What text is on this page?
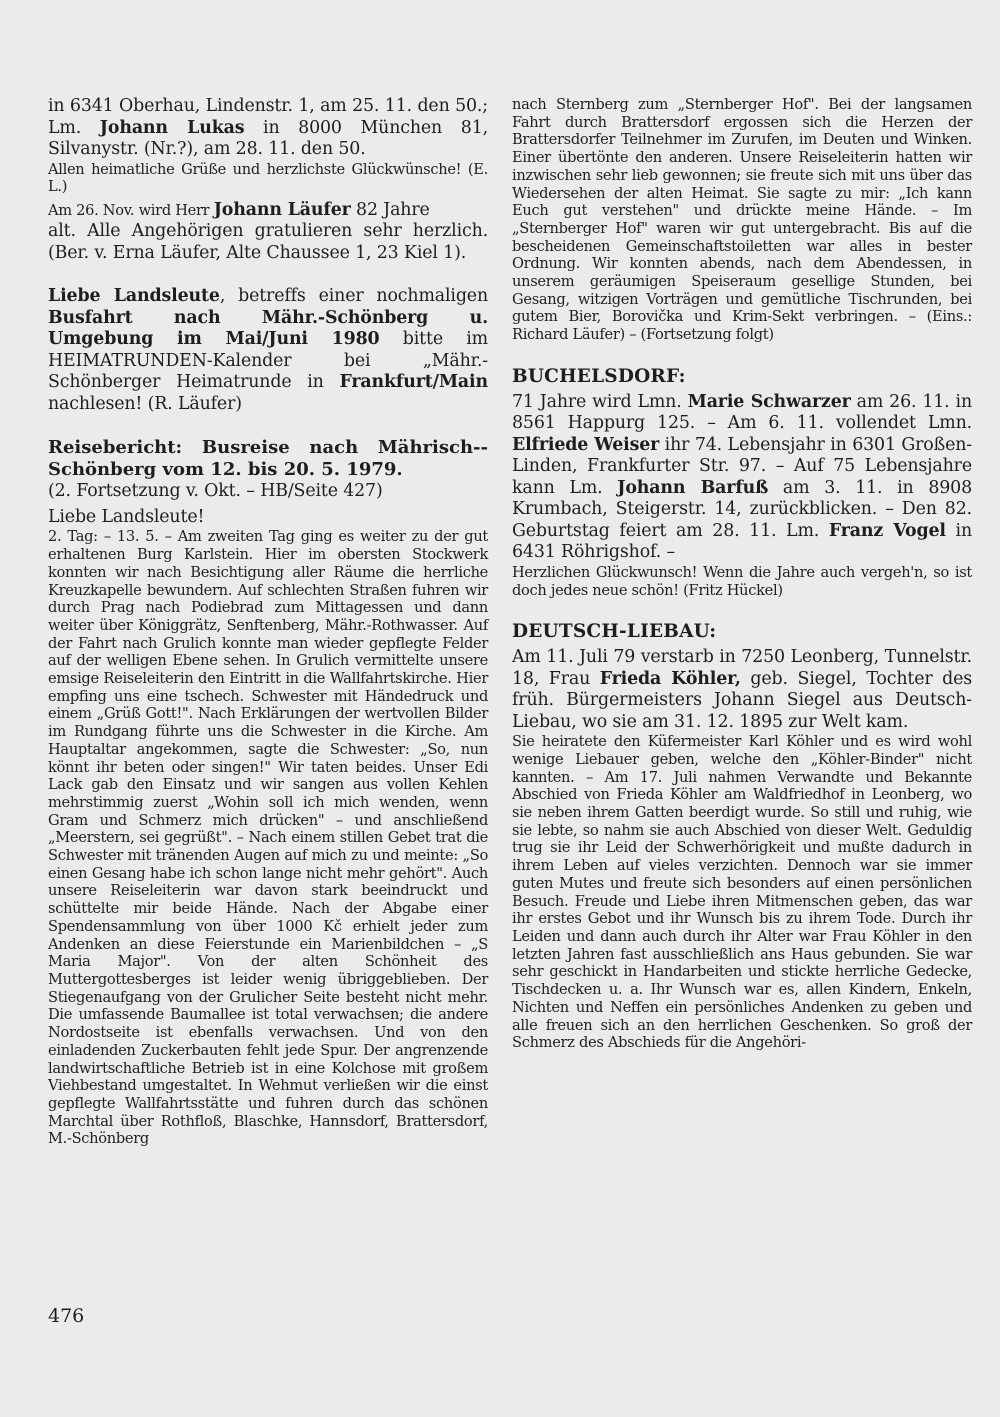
in 6341 Oberhau, Lindenstr. 1, am 25. 11. den 50.; Lm. Johann Lukas in 8000 München 81, Silvanystr. (Nr.?), am 28. 11. den 50.

Allen heimatliche Grüße und herzlichste Glückwünsche! (E. L.)

Am 26. Nov. wird Herr Johann Läufer 82 Jahre

alt. Alle Angehörigen gratulieren sehr herzlich. (Ber. v. Erna Läufer, Alte Chaussee 1, 23 Kiel 1).

Liebe Landsleute, betreffs einer nochmaligen Busfahrt nach Mähr.-Schönberg u. Umgebung im Mai/Juni 1980 bitte im HEIMATRUNDEN-Kalender bei „Mähr.-Schönberger Heimatrunde in Frankfurt/Main nachlesen! (R. Läufer)

Reisebericht: Busreise nach Mährisch--Schönberg vom 12. bis 20. 5. 1979.

(2. Fortsetzung v. Okt. – HB/Seite 427)

Liebe Landsleute!

2. Tag: – 13. 5. – Am zweiten Tag ging es weiter zu der gut erhaltenen Burg Karlstein. Hier im obersten Stockwerk konnten wir nach Besichtigung aller Räume die herrliche Kreuzkapelle bewundern. Auf schlechten Straßen fuhren wir durch Prag nach Podiebrad zum Mittagessen und dann weiter über Königgrätz, Senftenberg, Mähr.-Rothwasser. Auf der Fahrt nach Grulich konnte man wieder gepflegte Felder auf der welligen Ebene sehen. In Grulich vermittelte unsere emsige Reiseleiterin den Eintritt in die Wallfahrtskirche. Hier empfing uns eine tschech. Schwester mit Händedruck und einem „Grüß Gott!". Nach Erklärungen der wertvollen Bilder im Rundgang führte uns die Schwester in die Kirche. Am Hauptaltar angekommen, sagte die Schwester: „So, nun könnt ihr beten oder singen!" Wir taten beides. Unser Edi Lack gab den Einsatz und wir sangen aus vollen Kehlen mehrstimmig zuerst „Wohin soll ich mich wenden, wenn Gram und Schmerz mich drücken" – und anschließend „Meerstern, sei gegrüßt". – Nach einem stillen Gebet trat die Schwester mit tränenden Augen auf mich zu und meinte: „So einen Gesang habe ich schon lange nicht mehr gehört". Auch unsere Reiseleiterin war davon stark beeindruckt und schüttelte mir beide Hände. Nach der Abgabe einer Spendensammlung von über 1000 Kč erhielt jeder zum Andenken an diese Feierstunde ein Marienbildchen – „S Maria Major". Von der alten Schönheit des Muttergottesberges ist leider wenig übriggeblieben. Der Stiegenaufgang von der Grulicher Seite besteht nicht mehr. Die umfassende Baumallee ist total verwachsen; die andere Nordostseite ist ebenfalls verwachsen. Und von den einladenden Zuckerbauten fehlt jede Spur. Der angrenzende landwirtschaftliche Betrieb ist in eine Kolchose mit großem Viehbestand umgestaltet. In Wehmut verließen wir die einst gepflegte Wallfahrtsstätte und fuhren durch das schönen Marchtal über Rothfloß, Blaschke, Hannsdorf, Brattersdorf, M.-Schönberg

nach Sternberg zum „Sternberger Hof". Bei der langsamen Fahrt durch Brattersdorf ergossen sich die Herzen der Brattersdorfer Teilnehmer im Zurufen, im Deuten und Winken. Einer übertönte den anderen. Unsere Reiseleiterin hatten wir inzwischen sehr lieb gewonnen; sie freute sich mit uns über das Wiedersehen der alten Heimat. Sie sagte zu mir: „Ich kann Euch gut verstehen" und drückte meine Hände. – Im „Sternberger Hof" waren wir gut untergebracht. Bis auf die bescheidenen Gemeinschaftstoiletten war alles in bester Ordnung. Wir konnten abends, nach dem Abendessen, in unserem geräumigen Speiseraum gesellige Stunden, bei Gesang, witzigen Vorträgen und gemütliche Tischrunden, bei gutem Bier, Borovička und Krim-Sekt verbringen. – (Eins.: Richard Läufer) – (Fortsetzung folgt)

BUCHELSDORF:

71 Jahre wird Lmn. Marie Schwarzer am 26. 11. in 8561 Happurg 125. – Am 6. 11. vollendet Lmn. Elfriede Weiser ihr 74. Lebensjahr in 6301 Großen-Linden, Frankfurter Str. 97. – Auf 75 Lebensjahre kann Lm. Johann Barfuß am 3. 11. in 8908 Krumbach, Steigerstr. 14, zurückblicken. – Den 82. Geburtstag feiert am 28. 11. Lm. Franz Vogel in 6431 Röhrigshof. –

Herzlichen Glückwunsch! Wenn die Jahre auch vergeh'n, so ist doch jedes neue schön! (Fritz Hückel)

DEUTSCH-LIEBAU:

Am 11. Juli 79 verstarb in 7250 Leonberg, Tunnelstr. 18, Frau Frieda Köhler, geb. Siegel, Tochter des früh. Bürgermeisters Johann Siegel aus Deutsch-Liebau, wo sie am 31. 12. 1895 zur Welt kam.

Sie heiratete den Küfermeister Karl Köhler und es wird wohl wenige Liebauer geben, welche den „Köhler-Binder" nicht kannten. – Am 17. Juli nahmen Verwandte und Bekannte Abschied von Frieda Köhler am Waldfriedhof in Leonberg, wo sie neben ihrem Gatten beerdigt wurde. So still und ruhig, wie sie lebte, so nahm sie auch Abschied von dieser Welt. Geduldig trug sie ihr Leid der Schwerhörigkeit und mußte dadurch in ihrem Leben auf vieles verzichten. Dennoch war sie immer guten Mutes und freute sich besonders auf einen persönlichen Besuch. Freude und Liebe ihren Mitmenschen geben, das war ihr erstes Gebot und ihr Wunsch bis zu ihrem Tode. Durch ihr Leiden und dann auch durch ihr Alter war Frau Köhler in den letzten Jahren fast ausschließlich ans Haus gebunden. Sie war sehr geschickt in Handarbeiten und stickte herrliche Gedecke, Tischdecken u. a. Ihr Wunsch war es, allen Kindern, Enkeln, Nichten und Neffen ein persönliches Andenken zu geben und alle freuen sich an den herrlichen Geschenken. So groß der Schmerz des Abschieds für die Angehöri-

476
